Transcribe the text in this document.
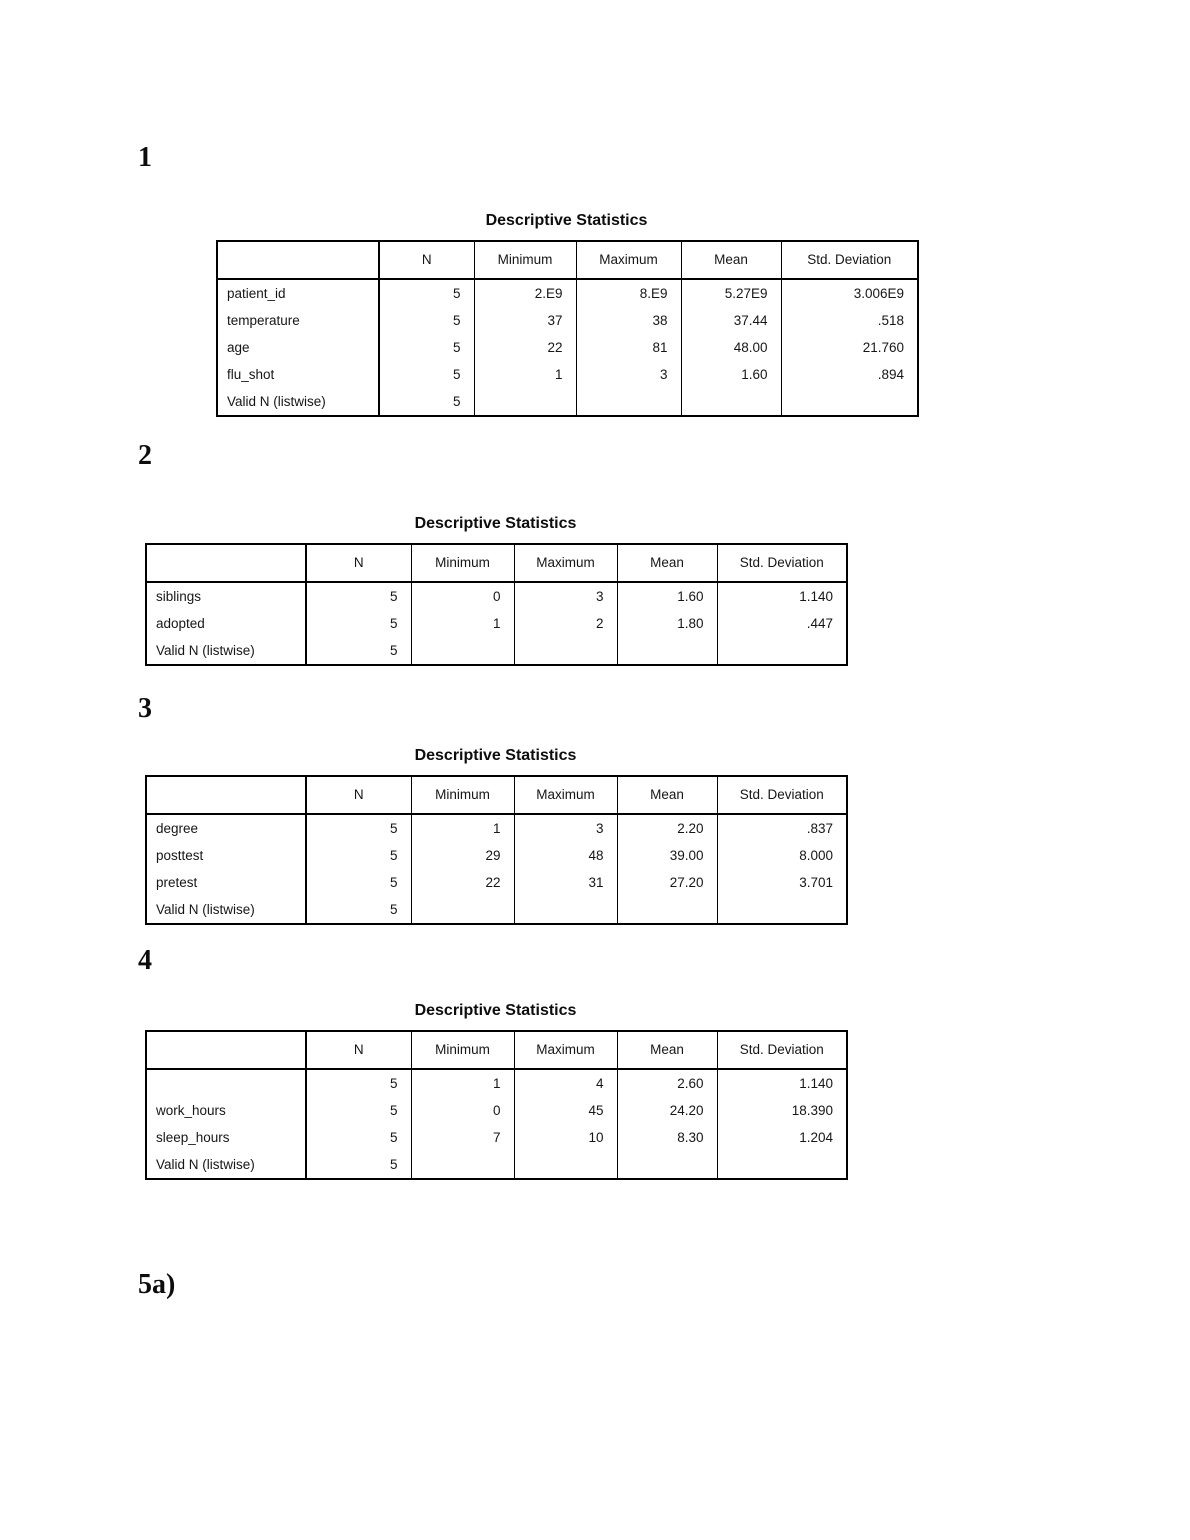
1
Descriptive Statistics
	N	Minimum	Maximum	Mean	Std. Deviation
patient_id	5	2.E9	8.E9	5.27E9	3.006E9
temperature	5	37	38	37.44	.518
age	5	22	81	48.00	21.760
flu_shot	5	1	3	1.60	.894
Valid N (listwise)	5				
2
Descriptive Statistics
	N	Minimum	Maximum	Mean	Std. Deviation
siblings	5	0	3	1.60	1.140
adopted	5	1	2	1.80	.447
Valid N (listwise)	5				
3
Descriptive Statistics
	N	Minimum	Maximum	Mean	Std. Deviation
degree	5	1	3	2.20	.837
posttest	5	29	48	39.00	8.000
pretest	5	22	31	27.20	3.701
Valid N (listwise)	5				
4
Descriptive Statistics
	N	Minimum	Maximum	Mean	Std. Deviation
	5	1	4	2.60	1.140
work_hours	5	0	45	24.20	18.390
sleep_hours	5	7	10	8.30	1.204
Valid N (listwise)	5				
5a)
